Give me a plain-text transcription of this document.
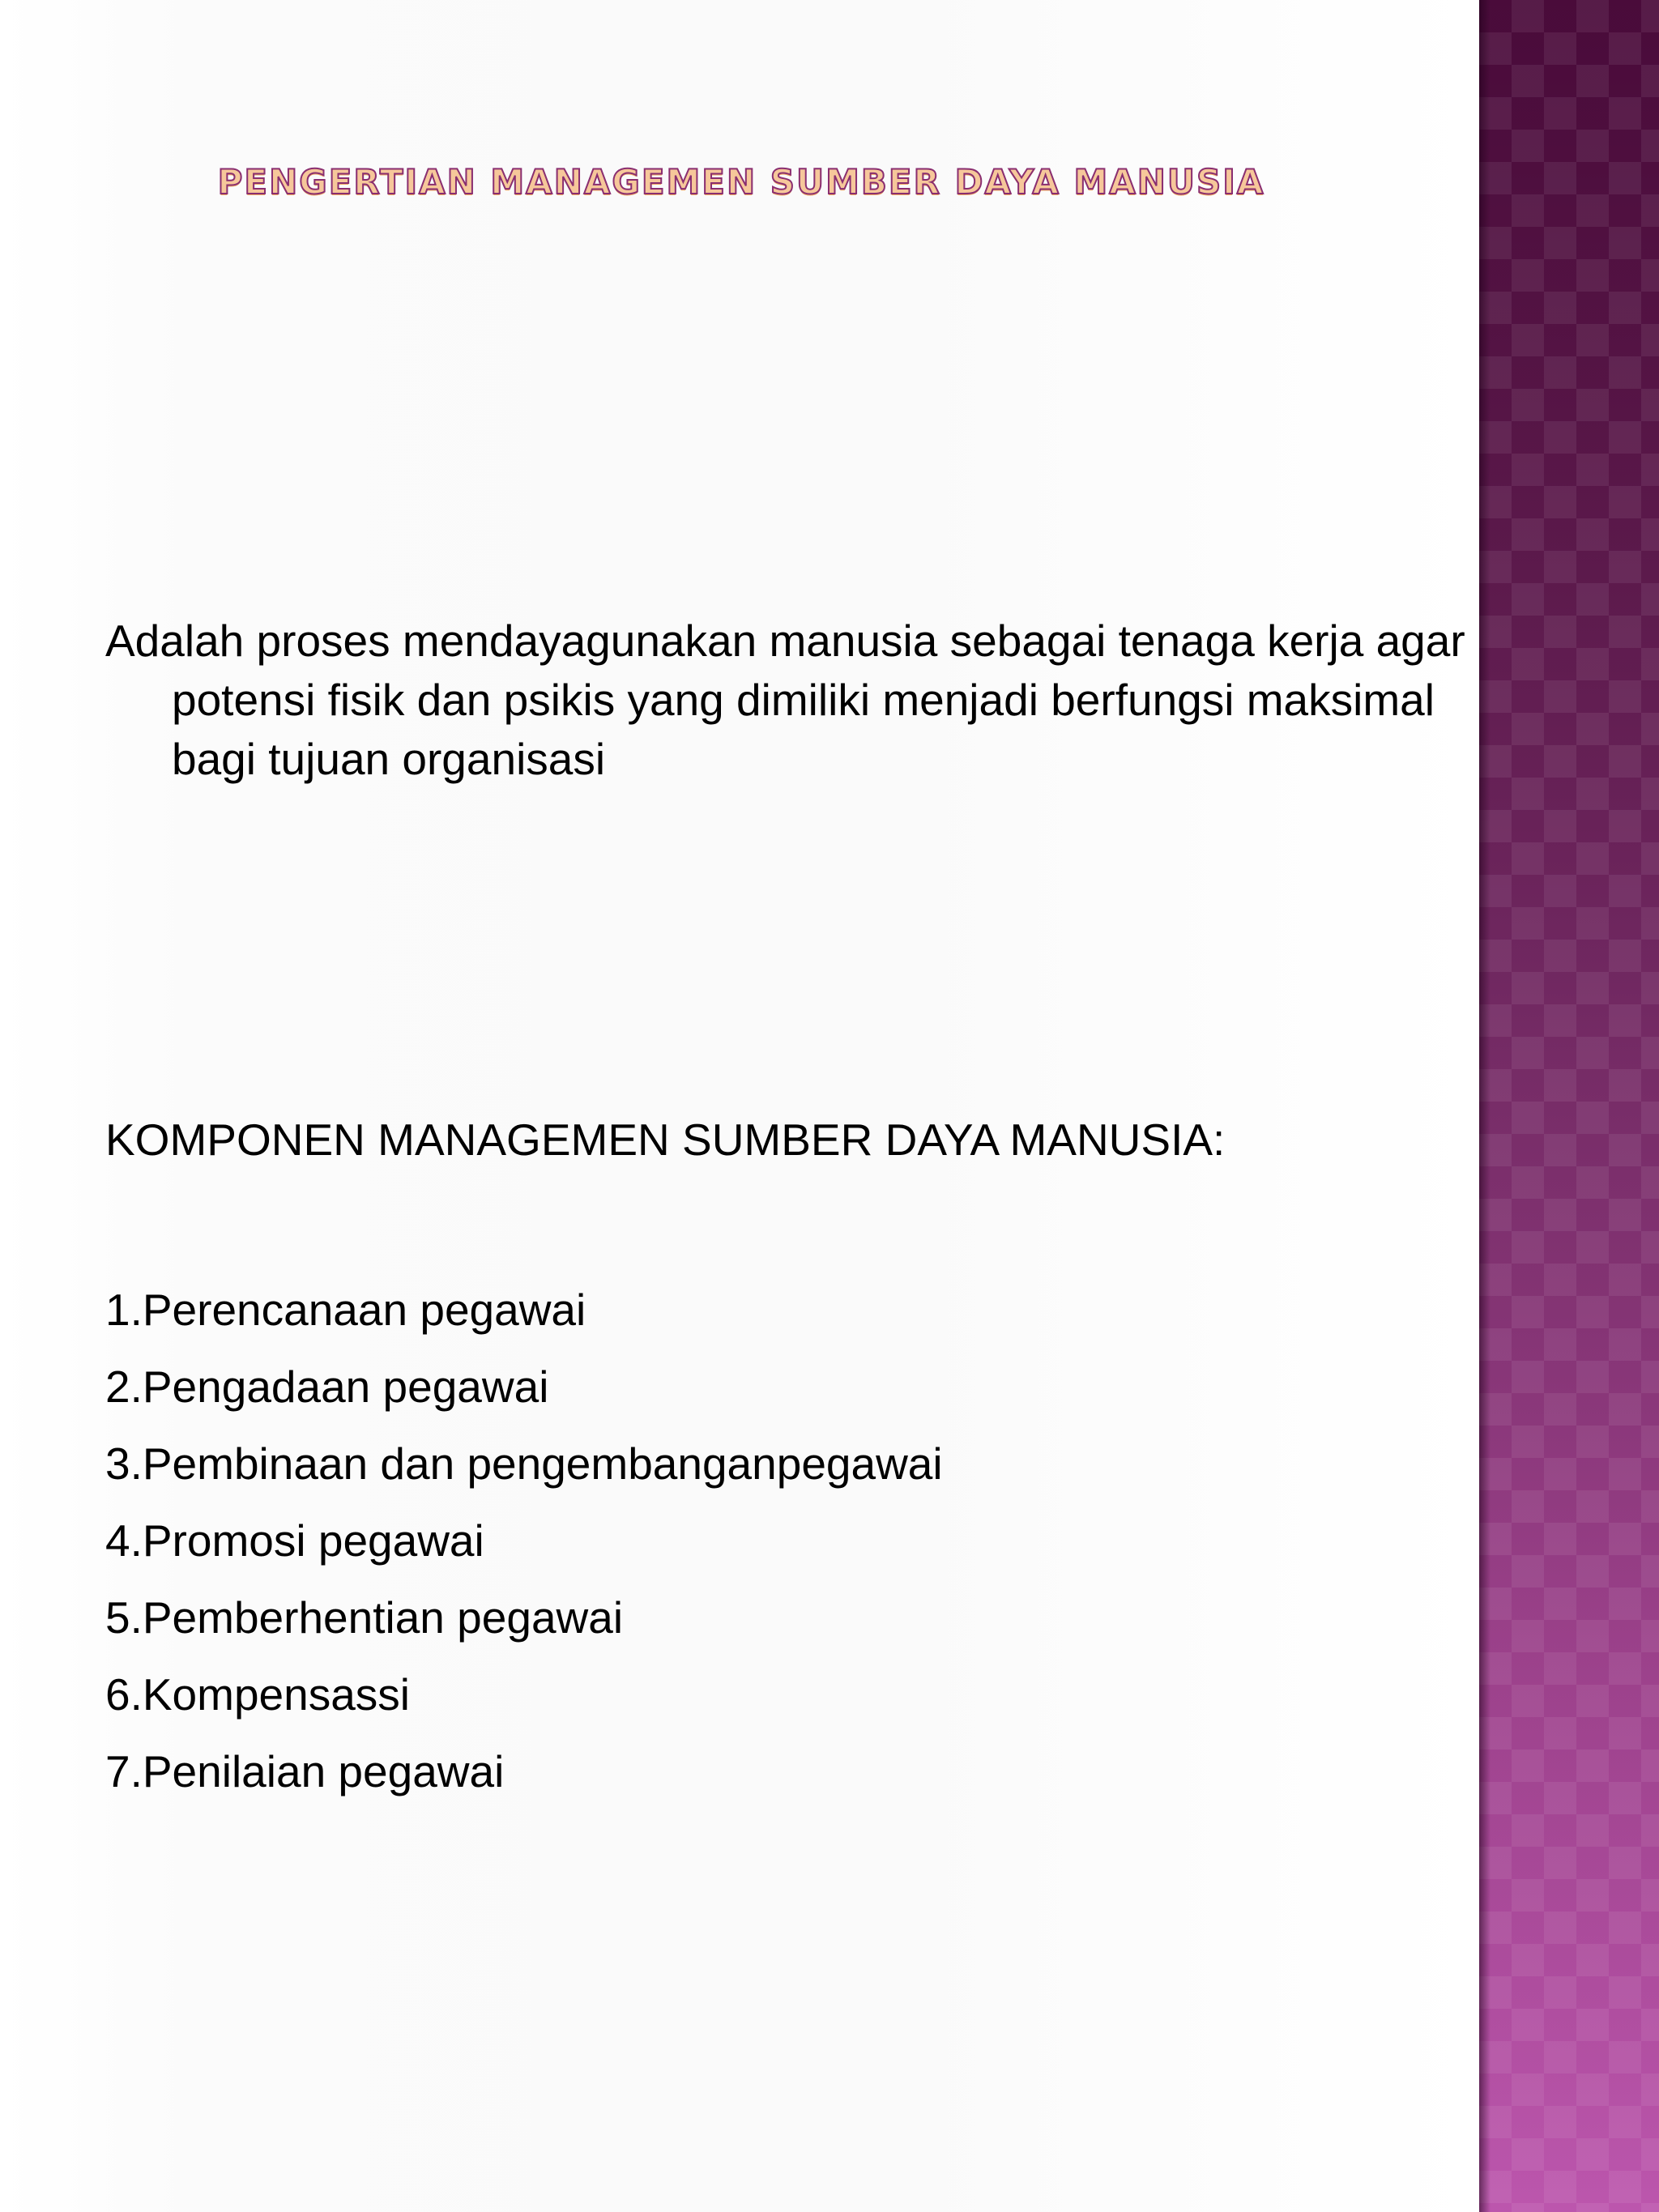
PENGERTIAN MANAGEMEN SUMBER DAYA MANUSIA

Adalah proses mendayagunakan manusia sebagai tenaga kerja agar potensi fisik dan psikis yang dimiliki menjadi berfungsi maksimal bagi tujuan organisasi

KOMPONEN MANAGEMEN SUMBER DAYA MANUSIA:

1.Perencanaan pegawai
2.Pengadaan pegawai
3.Pembinaan dan pengembanganpegawai
4.Promosi pegawai
5.Pemberhentian pegawai
6.Kompensassi
7.Penilaian pegawai
